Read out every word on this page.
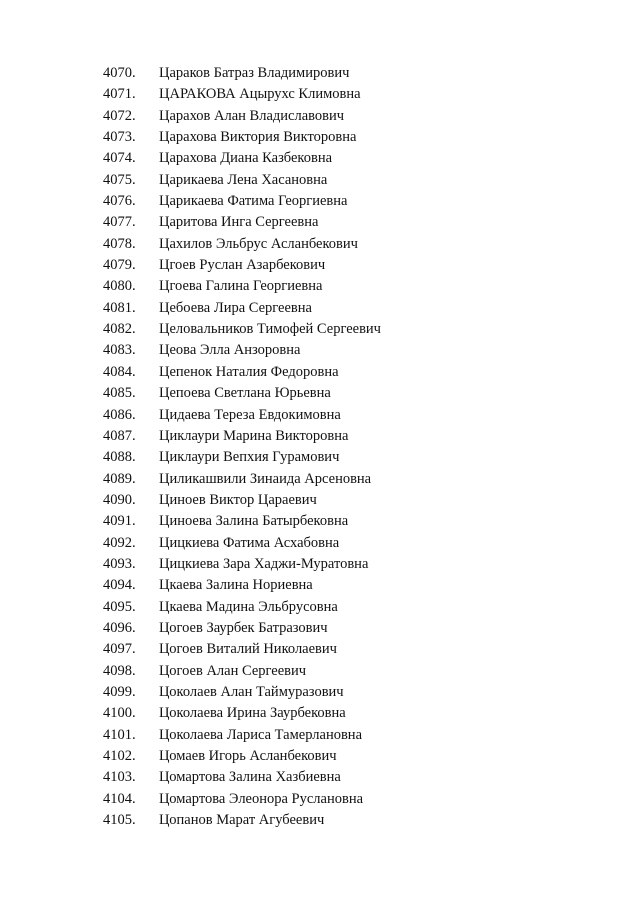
4070.	Цараков Батраз Владимирович
4071.	ЦАРАКОВА Ацырухс Климовна
4072.	Царахов Алан Владиславович
4073.	Царахова Виктория Викторовна
4074.	Царахова Диана Казбековна
4075.	Царикаева Лена Хасановна
4076.	Царикаева Фатима Георгиевна
4077.	Царитова Инга Сергеевна
4078.	Цахилов Эльбрус Асланбекович
4079.	Цгоев Руслан Азарбекович
4080.	Цгоева Галина Георгиевна
4081.	Цебоева Лира Сергеевна
4082.	Целовальников Тимофей Сергеевич
4083.	Цеова Элла Анзоровна
4084.	Цепенок Наталия Федоровна
4085.	Цепоева Светлана Юрьевна
4086.	Цидаева Тереза Евдокимовна
4087.	Циклаури Марина Викторовна
4088.	Циклаури Вепхия Гурамович
4089.	Циликашвили Зинаида Арсеновна
4090.	Циноев Виктор Цараевич
4091.	Циноева Залина Батырбековна
4092.	Цицкиева Фатима Асхабовна
4093.	Цицкиева Зара Хаджи-Муратовна
4094.	Цкаева Залина Нориевна
4095.	Цкаева Мадина Эльбрусовна
4096.	Цогоев Заурбек Батразович
4097.	Цогоев Виталий Николаевич
4098.	Цогоев Алан Сергеевич
4099.	Цоколаев Алан Таймуразович
4100.	Цоколаева Ирина Заурбековна
4101.	Цоколаева Лариса Тамерлановна
4102.	Цомаев Игорь Асланбекович
4103.	Цомартова Залина Хазбиевна
4104.	Цомартова Элеонора Руслановна
4105.	Цопанов Марат Агубеевич
